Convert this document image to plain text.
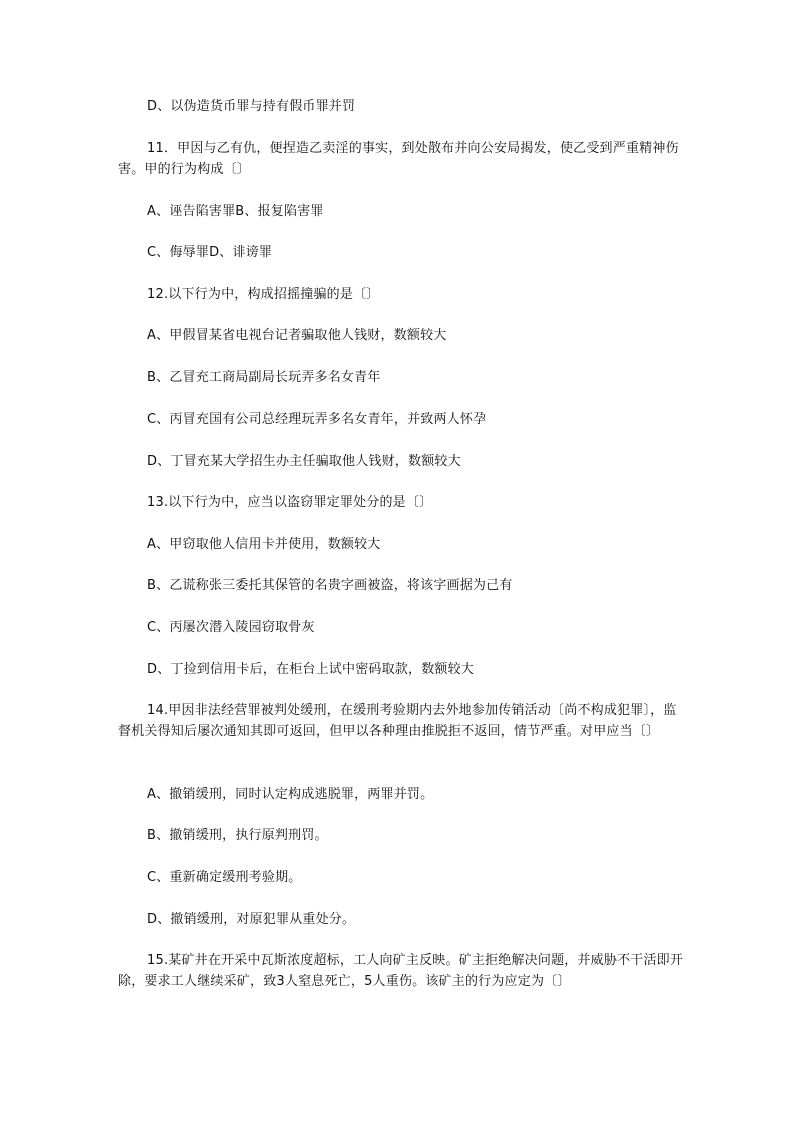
D、以伪造货币罪与持有假币罪并罚
11．甲因与乙有仇，便捏造乙卖淫的事实，到处散布并向公安局揭发，使乙受到严重精神伤害。甲的行为构成〔〕
A、诬告陷害罪B、报复陷害罪
C、侮辱罪D、诽谤罪
12.以下行为中，构成招摇撞骗的是〔〕
A、甲假冒某省电视台记者骗取他人钱财，数额较大
B、乙冒充工商局副局长玩弄多名女青年
C、丙冒充国有公司总经理玩弄多名女青年，并致两人怀孕
D、丁冒充某大学招生办主任骗取他人钱财，数额较大
13.以下行为中，应当以盗窃罪定罪处分的是〔〕
A、甲窃取他人信用卡并使用，数额较大
B、乙谎称张三委托其保管的名贵字画被盗，将该字画据为己有
C、丙屡次潜入陵园窃取骨灰
D、丁捡到信用卡后，在柜台上试中密码取款，数额较大
14.甲因非法经营罪被判处缓刑，在缓刑考验期内去外地参加传销活动〔尚不构成犯罪〕，监督机关得知后屡次通知其即可返回，但甲以各种理由推脱拒不返回，情节严重。对甲应当〔〕
A、撤销缓刑，同时认定构成逃脱罪，两罪并罚。
B、撤销缓刑，执行原判刑罚。
C、重新确定缓刑考验期。
D、撤销缓刑，对原犯罪从重处分。
15.某矿井在开采中瓦斯浓度超标，工人向矿主反映。矿主拒绝解决问题，并威胁不干活即开除，要求工人继续采矿，致3人窒息死亡，5人重伤。该矿主的行为应定为〔〕
